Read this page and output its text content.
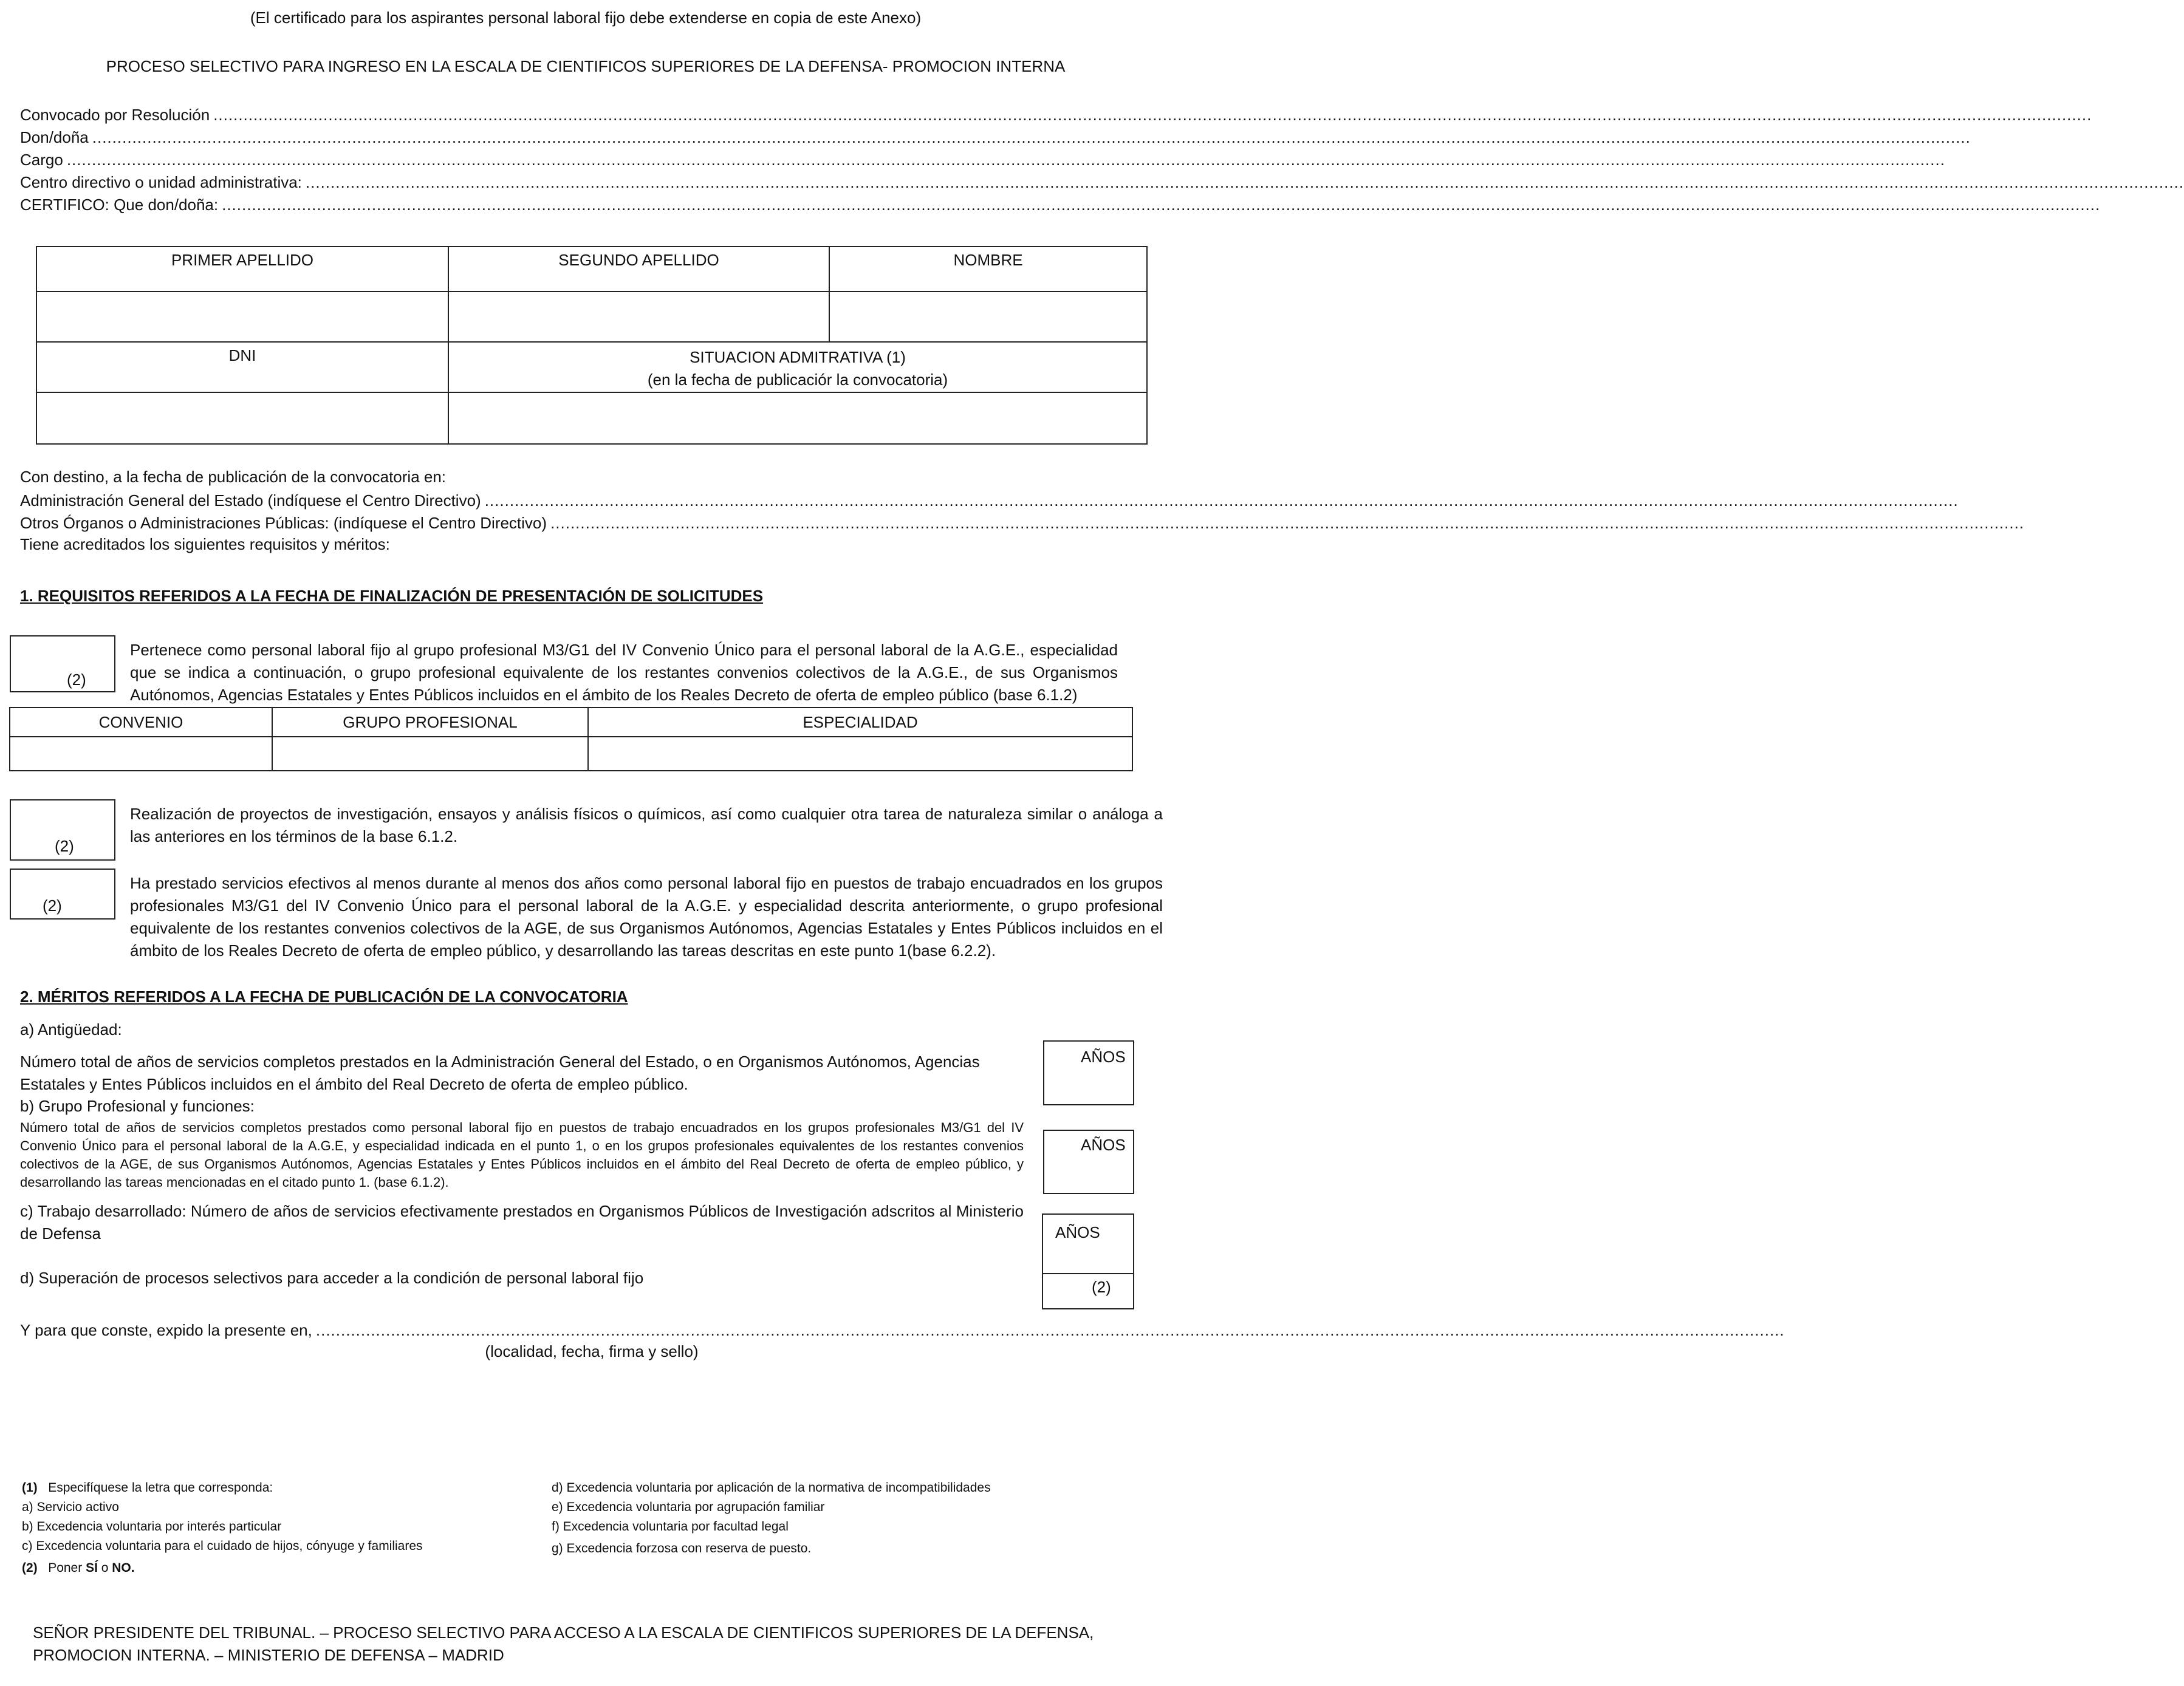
(El certificado para los aspirantes personal laboral fijo debe extenderse en copia de este Anexo)
PROCESO SELECTIVO PARA INGRESO EN LA ESCALA DE CIENTIFICOS SUPERIORES DE LA DEFENSA- PROMOCION INTERNA
Convocado por Resolución ........................................................................................................................................................................................................................................................................................................................................................................................
Don/doña ........................................................................................................................................................................................................................................................................................................................................................................................
Cargo ........................................................................................................................................................................................................................................................................................................................................................................................
Centro directivo o unidad administrativa: ........................................................................................................................................................................................................................................................................................................................................................................................
CERTIFICO: Que don/doña: ........................................................................................................................................................................................................................................................................................................................................................................................
PRIMER APELLIDO	SEGUNDO APELLIDO	NOMBRE

DNI	SITUACION ADMITRATIVA (1)
(en la fecha de publicaciór la convocatoria)	

Con destino, a la fecha de publicación de la convocatoria en:
Administración General del Estado (indíquese el Centro Directivo) .......................................................................................................................................................................................................................................................................................................
Otros Órganos o Administraciones Públicas: (indíquese el Centro Directivo) .......................................................................................................................................................................................................................................................................................................
Tiene acreditados los siguientes requisitos y méritos:
1. REQUISITOS REFERIDOS A LA FECHA DE FINALIZACIÓN DE PRESENTACIÓN DE SOLICITUDES
(2)
Pertenece como personal laboral fijo al grupo profesional M3/G1 del IV Convenio Único para el personal laboral de la A.G.E., especialidad que se indica a continuación, o grupo profesional equivalente de los restantes convenios colectivos de la A.G.E., de sus Organismos Autónomos, Agencias Estatales y Entes Públicos incluidos en el ámbito de los Reales Decreto de oferta de empleo público (base 6.1.2)
CONVENIO	GRUPO PROFESIONAL	ESPECIALIDAD

(2)
Realización de proyectos de investigación, ensayos y análisis físicos o químicos, así como cualquier otra tarea de naturaleza similar o análoga a las anteriores en los términos de la base 6.1.2.
(2)
Ha prestado servicios efectivos al menos durante al menos dos años como personal laboral fijo en puestos de trabajo encuadrados en los grupos profesionales M3/G1 del IV Convenio Único para el personal laboral de la A.G.E. y especialidad descrita anteriormente, o grupo profesional equivalente de los restantes convenios colectivos de la AGE, de sus Organismos Autónomos, Agencias Estatales y Entes Públicos incluidos en el ámbito de los Reales Decreto de oferta de empleo público, y desarrollando las tareas descritas en este punto 1(base 6.2.2).
2. MÉRITOS REFERIDOS A LA FECHA DE PUBLICACIÓN DE LA CONVOCATORIA
a) Antigüedad:
Número total de años de servicios completos prestados en la Administración General del Estado, o en Organismos Autónomos, Agencias Estatales y Entes Públicos incluidos en el ámbito del Real Decreto de oferta de empleo público.
AÑOS
b) Grupo Profesional y funciones:
Número total de años de servicios completos prestados como personal laboral fijo en puestos de trabajo encuadrados en los grupos profesionales M3/G1 del IV Convenio Único para el personal laboral de la A.G.E, y especialidad indicada en el punto 1, o en los grupos profesionales equivalentes de los restantes convenios colectivos de la AGE, de sus Organismos Autónomos, Agencias Estatales y Entes Públicos incluidos en el ámbito del Real Decreto de oferta de empleo público, y desarrollando las tareas mencionadas en el citado punto 1. (base 6.1.2).
AÑOS
c) Trabajo desarrollado: Número de años de servicios efectivamente prestados en Organismos Públicos de Investigación adscritos al Ministerio de Defensa	AÑOS
(2)
d) Superación de procesos selectivos para acceder a la condición de personal laboral fijo
Y para que conste, expido la presente en, ......................................................................................................................................................................................................................................................................................................
(localidad, fecha, firma y sello)
(1) Especifíquese la letra que corresponda:
a) Servicio activo
b) Excedencia voluntaria por interés particular
c) Excedencia voluntaria para el cuidado de hijos, cónyuge y familiares
(2) Poner SÍ o NO.
d) Excedencia voluntaria por aplicación de la normativa de incompatibilidades
e) Excedencia voluntaria por agrupación familiar
f) Excedencia voluntaria por facultad legal
g) Excedencia forzosa con reserva de puesto.
SEÑOR PRESIDENTE DEL TRIBUNAL. – PROCESO SELECTIVO PARA ACCESO A LA ESCALA DE CIENTIFICOS SUPERIORES DE LA DEFENSA,
PROMOCION INTERNA. – MINISTERIO DE DEFENSA – MADRID
